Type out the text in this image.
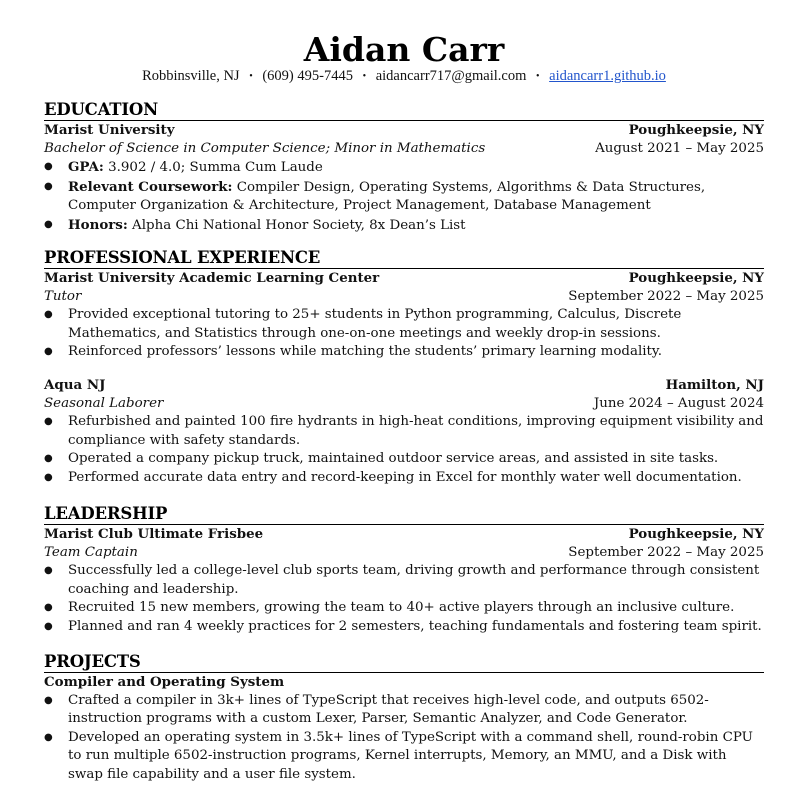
Aidan Carr
Robbinsville, NJ • (609) 495-7445 • aidancarr717@gmail.com • aidancarr1.github.io
EDUCATION
Marist University	Poughkeepsie, NY
Bachelor of Science in Computer Science; Minor in Mathematics	August 2021 – May 2025
● GPA: 3.902 / 4.0; Summa Cum Laude
● Relevant Coursework: Compiler Design, Operating Systems, Algorithms & Data Structures, Computer Organization & Architecture, Project Management, Database Management
● Honors: Alpha Chi National Honor Society, 8x Dean’s List
PROFESSIONAL EXPERIENCE
Marist University Academic Learning Center	Poughkeepsie, NY
Tutor	September 2022 – May 2025
● Provided exceptional tutoring to 25+ students in Python programming, Calculus, Discrete Mathematics, and Statistics through one-on-one meetings and weekly drop-in sessions.
● Reinforced professors’ lessons while matching the students’ primary learning modality.
Aqua NJ	Hamilton, NJ
Seasonal Laborer	June 2024 – August 2024
● Refurbished and painted 100 fire hydrants in high-heat conditions, improving equipment visibility and compliance with safety standards.
● Operated a company pickup truck, maintained outdoor service areas, and assisted in site tasks.
● Performed accurate data entry and record-keeping in Excel for monthly water well documentation.
LEADERSHIP
Marist Club Ultimate Frisbee	Poughkeepsie, NY
Team Captain	September 2022 – May 2025
● Successfully led a college-level club sports team, driving growth and performance through consistent coaching and leadership.
● Recruited 15 new members, growing the team to 40+ active players through an inclusive culture.
● Planned and ran 4 weekly practices for 2 semesters, teaching fundamentals and fostering team spirit.
PROJECTS
Compiler and Operating System
● Crafted a compiler in 3k+ lines of TypeScript that receives high-level code, and outputs 6502-instruction programs with a custom Lexer, Parser, Semantic Analyzer, and Code Generator.
● Developed an operating system in 3.5k+ lines of TypeScript with a command shell, round-robin CPU to run multiple 6502-instruction programs, Kernel interrupts, Memory, an MMU, and a Disk with swap file capability and a user file system.
